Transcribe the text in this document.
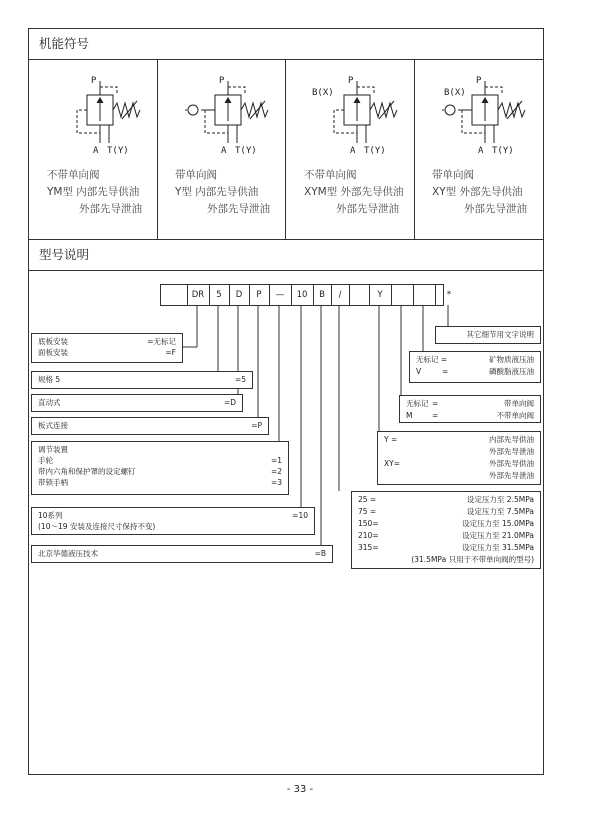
机能符号
P
A T(Y)
不带单向阀
YM型 内部先导供油
外部先导泄油
P
A T(Y)
带单向阀
Y型 内部先导供油
外部先导泄油
P
A T(Y)
B(X)
不带单向阀
XYM型 外部先导供油
外部先导泄油
P
A T(Y)
B(X)
带单向阀
XY型 外部先导供油
外部先导泄油
型号说明
DR	5	D	P	—	10	B	/	Y	*
底板安装	=无标记
面板安装	=F
规格 5	=5
直动式	=D
板式连接	=P
调节装置
手轮	=1
带内六角和保护罩的设定螺钉	=2
带锁手柄	=3
10系列	=10
(10～19 安装及连接尺寸保持不变)
北京华德液压技术	=B
其它细节用文字说明
无标记 =	矿物质液压油
V	=	磷酸脂液压油
无标记 =	带单向阀
M	=	不带单向阀
Y =	内部先导供油
外部先导泄油
XY=	外部先导供油
外部先导泄油
25 =	设定压力至 2.5MPa
75 =	设定压力至 7.5MPa
150=	设定压力至 15.0MPa
210=	设定压力至 21.0MPa
315=	设定压力至 31.5MPa
(31.5MPa 只用于不带单向阀的型号)
- 33 -
